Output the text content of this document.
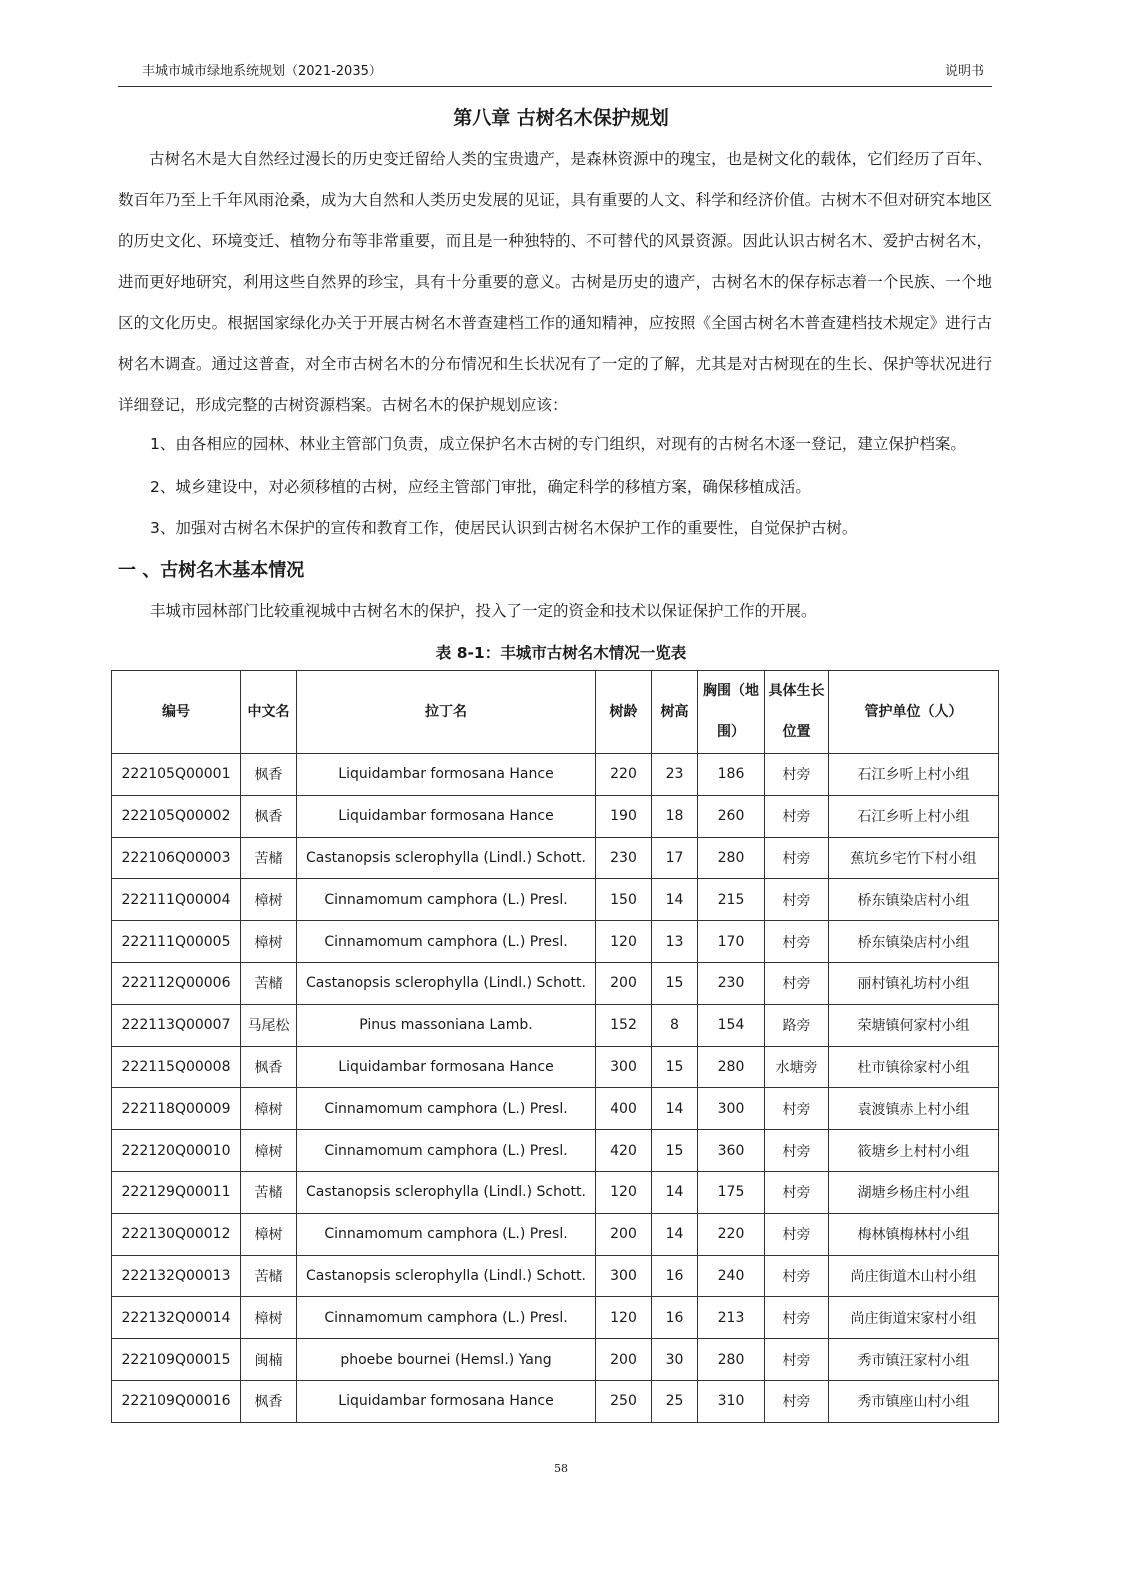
丰城市城市绿地系统规划（2021-2035）	说明书
第八章 古树名木保护规划

古树名木是大自然经过漫长的历史变迁留给人类的宝贵遗产，是森林资源中的瑰宝，也是树文化的载体，它们经历了百年、数百年乃至上千年风雨沧桑，成为大自然和人类历史发展的见证，具有重要的人文、科学和经济价值。古树木不但对研究本地区的历史文化、环境变迁、植物分布等非常重要，而且是一种独特的、不可替代的风景资源。因此认识古树名木、爱护古树名木，进而更好地研究，利用这些自然界的珍宝，具有十分重要的意义。古树是历史的遗产，古树名木的保存标志着一个民族、一个地区的文化历史。根据国家绿化办关于开展古树名木普查建档工作的通知精神，应按照《全国古树名木普查建档技术规定》进行古树名木调查。通过这普查，对全市古树名木的分布情况和生长状况有了一定的了解，尤其是对古树现在的生长、保护等状况进行详细登记，形成完整的古树资源档案。古树名木的保护规划应该：

1、由各相应的园林、林业主管部门负责，成立保护名木古树的专门组织，对现有的古树名木逐一登记，建立保护档案。
2、城乡建设中，对必须移植的古树，应经主管部门审批，确定科学的移植方案，确保移植成活。
3、加强对古树名木保护的宣传和教育工作，使居民认识到古树名木保护工作的重要性，自觉保护古树。
一 、古树名木基本情况
丰城市园林部门比较重视城中古树名木的保护，投入了一定的资金和技术以保证保护工作的开展。
表 8-1：丰城市古树名木情况一览表
编号	中文名	拉丁名	树龄	树高	胸围（地围）	具体生长位置	管护单位（人）
222105Q00001	枫香	Liquidambar formosana Hance	220	23	186	村旁	石江乡听上村小组
222105Q00002	枫香	Liquidambar formosana Hance	190	18	260	村旁	石江乡听上村小组
222106Q00003	苦槠	Castanopsis sclerophylla (Lindl.) Schott.	230	17	280	村旁	蕉坑乡宅竹下村小组
222111Q00004	樟树	Cinnamomum camphora (L.) Presl.	150	14	215	村旁	桥东镇染店村小组
222111Q00005	樟树	Cinnamomum camphora (L.) Presl.	120	13	170	村旁	桥东镇染店村小组
222112Q00006	苦槠	Castanopsis sclerophylla (Lindl.) Schott.	200	15	230	村旁	丽村镇礼坊村小组
222113Q00007	马尾松	Pinus massoniana Lamb.	152	8	154	路旁	荣塘镇何家村小组
222115Q00008	枫香	Liquidambar formosana Hance	300	15	280	水塘旁	杜市镇徐家村小组
222118Q00009	樟树	Cinnamomum camphora (L.) Presl.	400	14	300	村旁	袁渡镇赤上村小组
222120Q00010	樟树	Cinnamomum camphora (L.) Presl.	420	15	360	村旁	筱塘乡上村村小组
222129Q00011	苦槠	Castanopsis sclerophylla (Lindl.) Schott.	120	14	175	村旁	湖塘乡杨庄村小组
222130Q00012	樟树	Cinnamomum camphora (L.) Presl.	200	14	220	村旁	梅林镇梅林村小组
222132Q00013	苦槠	Castanopsis sclerophylla (Lindl.) Schott.	300	16	240	村旁	尚庄街道木山村小组
222132Q00014	樟树	Cinnamomum camphora (L.) Presl.	120	16	213	村旁	尚庄街道宋家村小组
222109Q00015	闽楠	phoebe bournei (Hemsl.) Yang	200	30	280	村旁	秀市镇汪家村小组
222109Q00016	枫香	Liquidambar formosana Hance	250	25	310	村旁	秀市镇座山村小组
58
